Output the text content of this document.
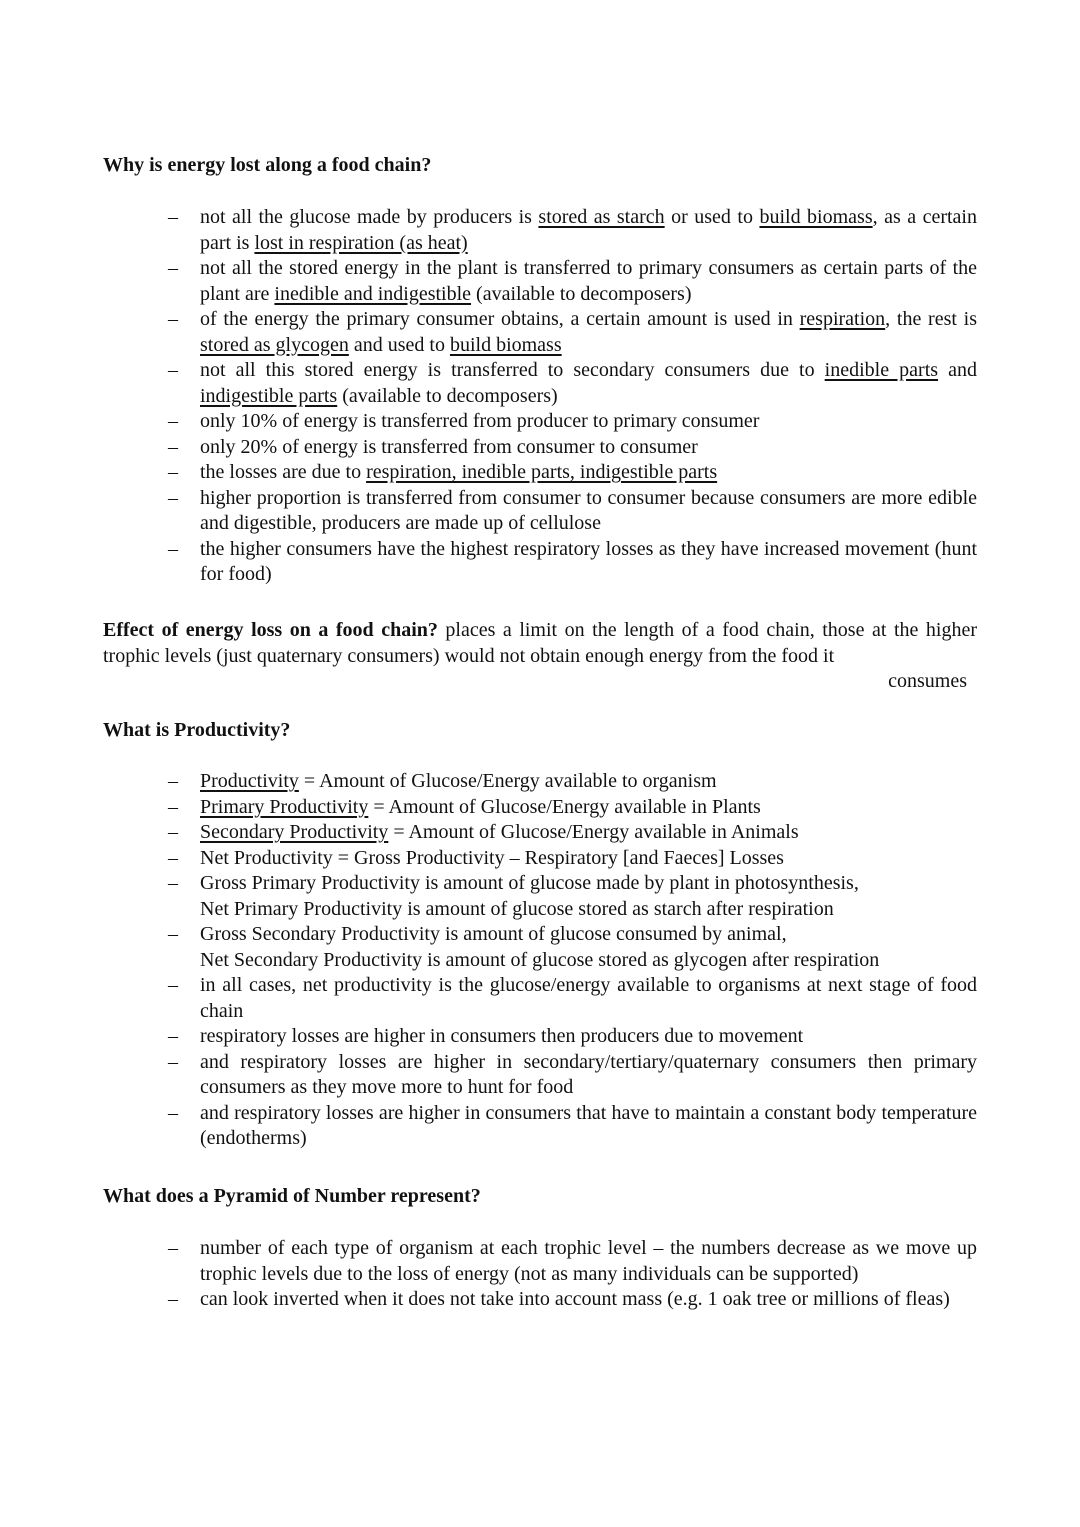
Why is energy lost along a food chain?
– not all the glucose made by producers is stored as starch or used to build biomass, as a certain part is lost in respiration (as heat)
– not all the stored energy in the plant is transferred to primary consumers as certain parts of the plant are inedible and indigestible (available to decomposers)
– of the energy the primary consumer obtains, a certain amount is used in respiration, the rest is stored as glycogen and used to build biomass
– not all this stored energy is transferred to secondary consumers due to inedible parts and indigestible parts (available to decomposers)
– only 10% of energy is transferred from producer to primary consumer
– only 20% of energy is transferred from consumer to consumer
– the losses are due to respiration, inedible parts, indigestible parts
– higher proportion is transferred from consumer to consumer because consumers are more edible and digestible, producers are made up of cellulose
– the higher consumers have the highest respiratory losses as they have increased movement (hunt for food)

Effect of energy loss on a food chain? places a limit on the length of a food chain, those at the higher trophic levels (just quaternary consumers) would not obtain enough energy from the food it

consumes

What is Productivity?
– Productivity = Amount of Glucose/Energy available to organism
– Primary Productivity = Amount of Glucose/Energy available in Plants
– Secondary Productivity = Amount of Glucose/Energy available in Animals
– Net Productivity = Gross Productivity – Respiratory [and Faeces] Losses
– Gross Primary Productivity is amount of glucose made by plant in photosynthesis,
Net Primary Productivity is amount of glucose stored as starch after respiration
– Gross Secondary Productivity is amount of glucose consumed by animal,
Net Secondary Productivity is amount of glucose stored as glycogen after respiration
– in all cases, net productivity is the glucose/energy available to organisms at next stage of food chain
– respiratory losses are higher in consumers then producers due to movement
– and respiratory losses are higher in secondary/tertiary/quaternary consumers then primary consumers as they move more to hunt for food
– and respiratory losses are higher in consumers that have to maintain a constant body temperature (endotherms)
What does a Pyramid of Number represent?
– number of each type of organism at each trophic level – the numbers decrease as we move up trophic levels due to the loss of energy (not as many individuals can be supported)
– can look inverted when it does not take into account mass (e.g. 1 oak tree or millions of fleas)
